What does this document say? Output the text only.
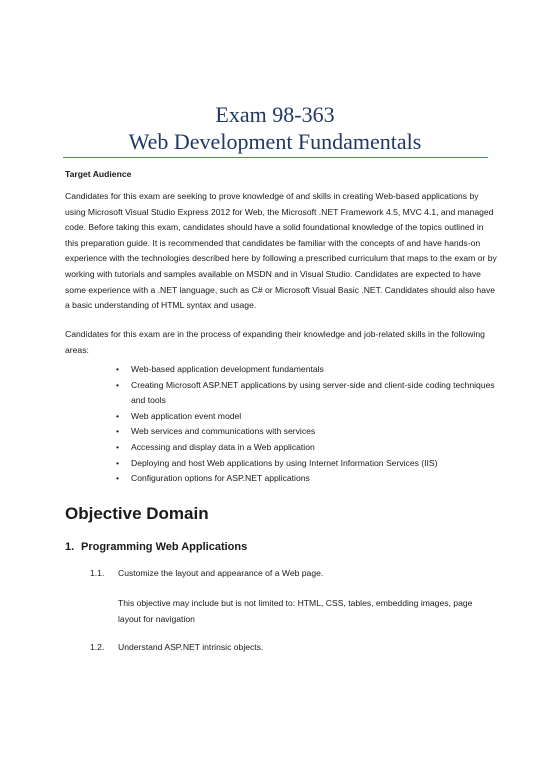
Exam 98-363
Web Development Fundamentals
Target Audience

Candidates for this exam are seeking to prove knowledge of and skills in creating Web-based applications by using Microsoft Visual Studio Express 2012 for Web, the Microsoft .NET Framework 4.5, MVC 4.1, and managed code. Before taking this exam, candidates should have a solid foundational knowledge of the topics outlined in this preparation guide. It is recommended that candidates be familiar with the concepts of and have hands-on experience with the technologies described here by following a prescribed curriculum that maps to the exam or by working with tutorials and samples available on MSDN and in Visual Studio. Candidates are expected to have some experience with a .NET language, such as C# or Microsoft Visual Basic .NET. Candidates should also have a basic understanding of HTML syntax and usage.

Candidates for this exam are in the process of expanding their knowledge and job-related skills in the following areas:

• Web-based application development fundamentals
• Creating Microsoft ASP.NET applications by using server-side and client-side coding techniques and tools
• Web application event model
• Web services and communications with services
• Accessing and display data in a Web application
• Deploying and host Web applications by using Internet Information Services (IIS)
• Configuration options for ASP.NET applications
Objective Domain
1. Programming Web Applications
1.1. Customize the layout and appearance of a Web page.

This objective may include but is not limited to: HTML, CSS, tables, embedding images, page layout for navigation

1.2. Understand ASP.NET intrinsic objects.
